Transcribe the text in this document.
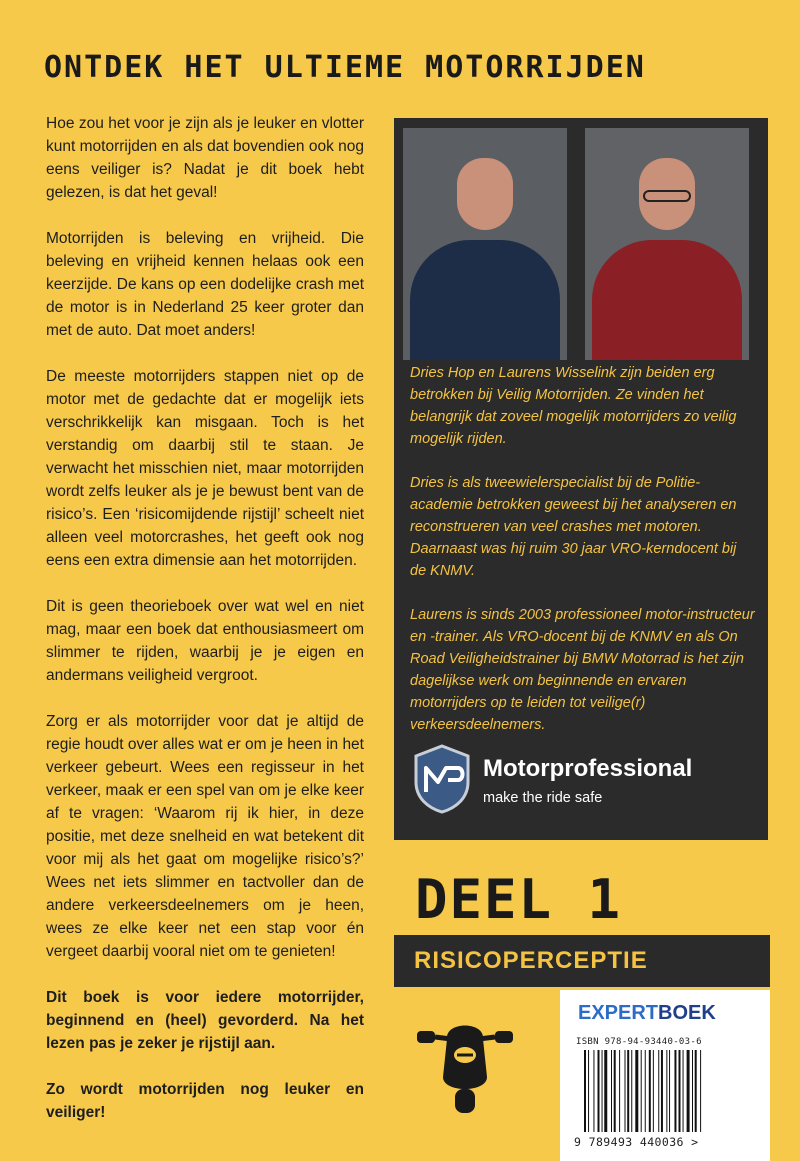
ONTDEK HET ULTIEME MOTORRIJDEN

Hoe zou het voor je zijn als je leuker en vlotter kunt motorrijden en als dat bovendien ook nog eens veiliger is? Nadat je dit boek hebt gelezen, is dat het geval!

Motorrijden is beleving en vrijheid. Die beleving en vrijheid kennen helaas ook een keerzijde. De kans op een dodelijke crash met de motor is in Nederland 25 keer groter dan met de auto. Dat moet anders!

De meeste motorrijders stappen niet op de motor met de gedachte dat er mogelijk iets verschrikkelijk kan misgaan. Toch is het verstandig om daarbij stil te staan. Je verwacht het misschien niet, maar motorrijden wordt zelfs leuker als je je bewust bent van de risico’s. Een ‘risicomijdende rijstijl’ scheelt niet alleen veel motorcrashes, het geeft ook nog eens een extra dimensie aan het motorrijden.

Dit is geen theorieboek over wat wel en niet mag, maar een boek dat enthousiasmeert om slimmer te rijden, waarbij je je eigen en andermans veiligheid vergroot.

Zorg er als motorrijder voor dat je altijd de regie houdt over alles wat er om je heen in het verkeer gebeurt. Wees een regisseur in het verkeer, maak er een spel van om je elke keer af te vragen: ‘Waarom rij ik hier, in deze positie, met deze snelheid en wat betekent dit voor mij als het gaat om mogelijke risico’s?’ Wees net iets slimmer en tactvoller dan de andere verkeersdeelnemers om je heen, wees ze elke keer net een stap voor én vergeet daarbij vooral niet om te genieten!

Dit boek is voor iedere motorrijder, beginnend en (heel) gevorderd. Na het lezen pas je zeker je rijstijl aan.

Zo wordt motorrijden nog leuker en veiliger!

Dries Hop en Laurens Wisselink zijn beiden erg betrokken bij Veilig Motorrijden. Ze vinden het belangrijk dat zoveel mogelijk motorrijders zo veilig mogelijk rijden.

Dries is als tweewielerspecialist bij de Politie-academie betrokken geweest bij het analyseren en reconstrueren van veel crashes met motoren. Daarnaast was hij ruim 30 jaar VRO-kerndocent bij de KNMV.

Laurens is sinds 2003 professioneel motor-instructeur en -trainer. Als VRO-docent bij de KNMV en als On Road Veiligheidstrainer bij BMW Motorrad is het zijn dagelijkse werk om beginnende en ervaren motorrijders op te leiden tot veilige(r) verkeersdeelnemers.

Motorprofessional
make the ride safe
DEEL 1
RISICOPERCEPTIE
EXPERTBOEK
ISBN 978-94-93440-03-6
9 789493 440036 >
